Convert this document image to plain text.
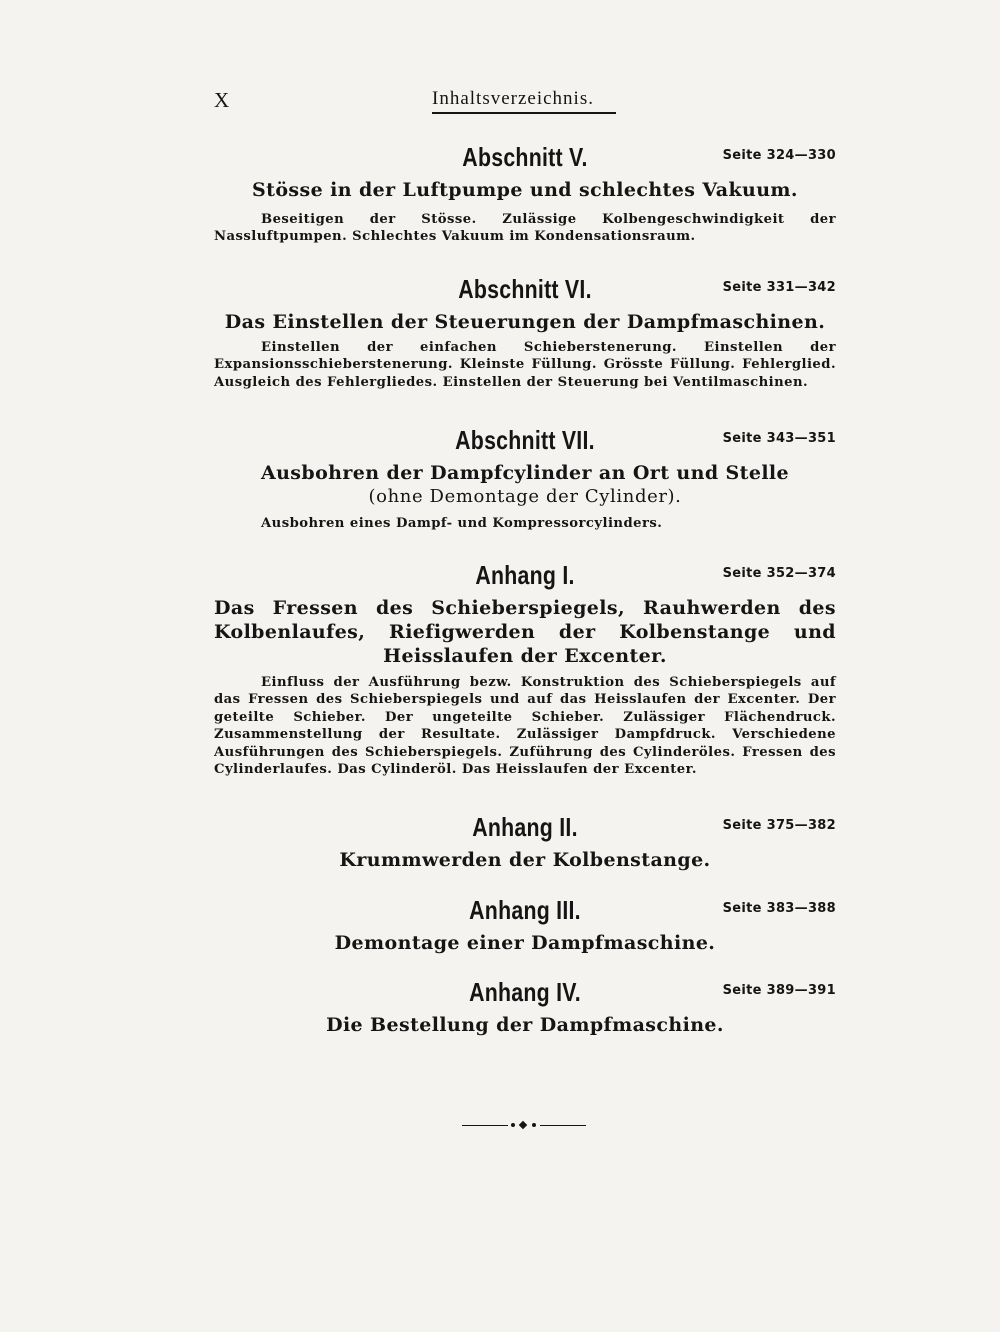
X	Inhaltsverzeichnis.
Abschnitt V.	Seite 324—330
Stösse in der Luftpumpe und schlechtes Vakuum.
Beseitigen der Stösse. Zulässige Kolbengeschwindigkeit der Nassluftpumpen. Schlechtes Vakuum im Kondensationsraum.
Abschnitt VI.	Seite 331—342
Das Einstellen der Steuerungen der Dampfmaschinen.
Einstellen der einfachen Schieberstenerung. Einstellen der Expansionsschieberstenerung. Kleinste Füllung. Grösste Füllung. Fehlerglied. Ausgleich des Fehlergliedes. Einstellen der Steuerung bei Ventilmaschinen.
Abschnitt VII.	Seite 343—351
Ausbohren der Dampfcylinder an Ort und Stelle
(ohne Demontage der Cylinder).
Ausbohren eines Dampf- und Kompressorcylinders.
Anhang I.	Seite 352—374
Das Fressen des Schieberspiegels, Rauhwerden des Kolbenlaufes, Riefigwerden der Kolbenstange und Heisslaufen der Excenter.
Einfluss der Ausführung bezw. Konstruktion des Schieberspiegels auf das Fressen des Schieberspiegels und auf das Heisslaufen der Excenter. Der geteilte Schieber. Der ungeteilte Schieber. Zulässiger Flächendruck. Zusammenstellung der Resultate. Zulässiger Dampfdruck. Verschiedene Ausführungen des Schieberspiegels. Zuführung des Cylinderöles. Fressen des Cylinderlaufes. Das Cylinderöl. Das Heisslaufen der Excenter.
Anhang II.	Seite 375—382
Krummwerden der Kolbenstange.
Anhang III.	Seite 383—388
Demontage einer Dampfmaschine.
Anhang IV.	Seite 389—391
Die Bestellung der Dampfmaschine.
